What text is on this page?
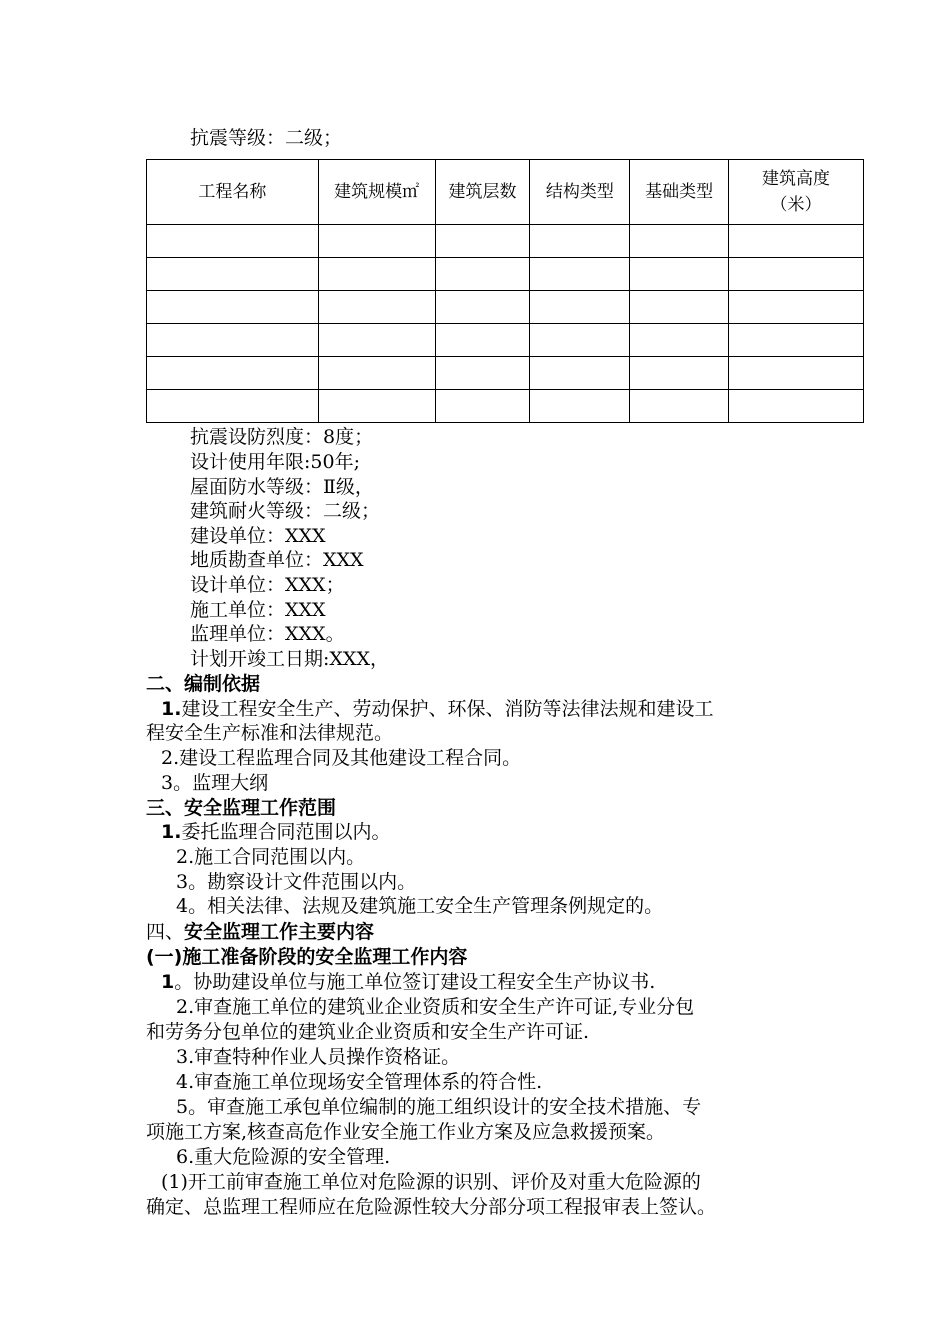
抗震等级：二级；
工程名称	建筑规模㎡	建筑层数	结构类型	基础类型	建筑高度
（米）

抗震设防烈度：8度；
设计使用年限:50年;
屋面防水等级：Ⅱ级，
建筑耐火等级：二级；
建设单位：XXX
地质勘查单位：XXX
设计单位：XXX；
施工单位：XXX
监理单位：XXX。
计划开竣工日期:XXX，
二、编制依据
1.建设工程安全生产、劳动保护、环保、消防等法律法规和建设工
程安全生产标准和法律规范。
2.建设工程监理合同及其他建设工程合同。
3。监理大纲
三、安全监理工作范围
1.委托监理合同范围以内。
2.施工合同范围以内。
3。勘察设计文件范围以内。
4。相关法律、法规及建筑施工安全生产管理条例规定的。
四、安全监理工作主要内容
(一)施工准备阶段的安全监理工作内容
1。协助建设单位与施工单位签订建设工程安全生产协议书.
2.审查施工单位的建筑业企业资质和安全生产许可证,专业分包
和劳务分包单位的建筑业企业资质和安全生产许可证.
3.审查特种作业人员操作资格证。
4.审查施工单位现场安全管理体系的符合性.
5。审查施工承包单位编制的施工组织设计的安全技术措施、专
项施工方案,核查高危作业安全施工作业方案及应急救援预案。
6.重大危险源的安全管理.
(1)开工前审查施工单位对危险源的识别、评价及对重大危险源的
确定、总监理工程师应在危险源性较大分部分项工程报审表上签认。
